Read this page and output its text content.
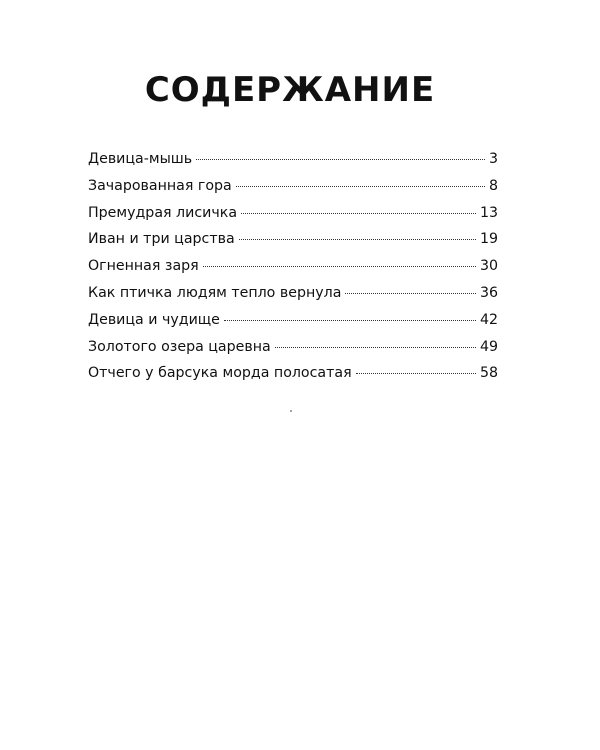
СОДЕРЖАНИЕ
Девица-мышь	3
Зачарованная гора	8
Премудрая лисичка	13
Иван и три царства	19
Огненная заря	30
Как птичка людям тепло вернула	36
Девица и чудище	42
Золотого озера царевна	49
Отчего у барсука морда полосатая	58
